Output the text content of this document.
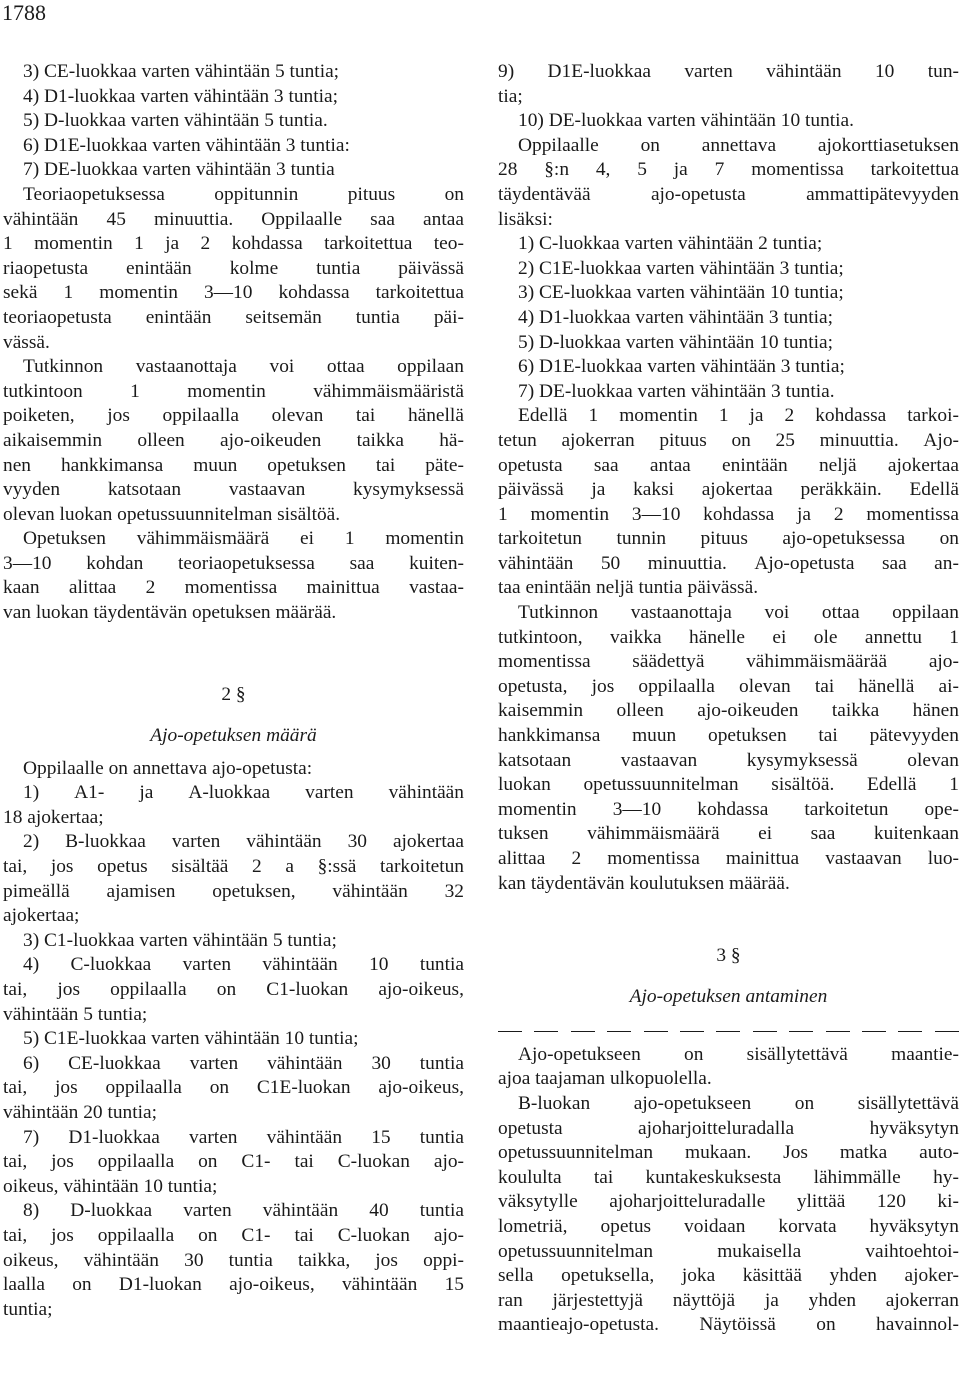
1788
3) CE-luokkaa varten vähintään 5 tuntia;
4) D1-luokkaa varten vähintään 3 tuntia;
5) D-luokkaa varten vähintään 5 tuntia.
6) D1E-luokkaa varten vähintään 3 tuntia:
7) DE-luokkaa varten vähintään 3 tuntia
Teoriaopetuksessa	oppitunnin	pituus	on
vähintään 45 minuuttia. Oppilaalle saa antaa
1 momentin 1 ja 2 kohdassa tarkoitettua teo-
riaopetusta enintään kolme tuntia päivässä
sekä 1 momentin 3—10 kohdassa tarkoitettua
teoriaopetusta enintään seitsemän tuntia päi-
vässä.
Tutkinnon vastaanottaja voi ottaa oppilaan
tutkintoon 1 momentin vähimmäismääristä
poiketen, jos oppilaalla olevan tai hänellä
aikaisemmin olleen ajo-oikeuden taikka hä-
nen hankkimansa muun opetuksen tai päte-
vyyden katsotaan vastaavan kysymyksessä
olevan luokan opetussuunnitelman sisältöä.
Opetuksen vähimmäismäärä ei 1 momentin
3—10 kohdan teoriaopetuksessa saa kuiten-
kaan alittaa 2 momentissa mainittua vastaa-
van luokan täydentävän opetuksen määrää.
2 §
Ajo-opetuksen määrä
Oppilaalle on annettava ajo-opetusta:
1) A1- ja A-luokkaa varten vähintään
18 ajokertaa;
2) B-luokkaa varten vähintään 30 ajokertaa
tai, jos opetus sisältää 2 a §:ssä tarkoitetun
pimeällä ajamisen opetuksen, vähintään 32
ajokertaa;
3) C1-luokkaa varten vähintään 5 tuntia;
4) C-luokkaa varten vähintään 10 tuntia
tai, jos oppilaalla on C1-luokan ajo-oikeus,
vähintään 5 tuntia;
5) C1E-luokkaa varten vähintään 10 tuntia;
6) CE-luokkaa varten vähintään 30 tuntia
tai, jos oppilaalla on C1E-luokan ajo-oikeus,
vähintään 20 tuntia;
7) D1-luokkaa varten vähintään 15 tuntia
tai, jos oppilaalla on C1- tai C-luokan ajo-
oikeus, vähintään 10 tuntia;
8) D-luokkaa varten vähintään 40 tuntia
tai, jos oppilaalla on C1- tai C-luokan ajo-
oikeus, vähintään 30 tuntia taikka, jos oppi-
laalla on D1-luokan ajo-oikeus, vähintään 15
tuntia;
9) D1E-luokkaa varten vähintään 10 tun-
tia;
10) DE-luokkaa varten vähintään 10 tuntia.
Oppilaalle on annettava ajokorttiasetuksen
28 §:n 4, 5 ja 7 momentissa tarkoitettua
täydentävää	ajo-opetusta	ammattipätevyyden
lisäksi:
1) C-luokkaa varten vähintään 2 tuntia;
2) C1E-luokkaa varten vähintään 3 tuntia;
3) CE-luokkaa varten vähintään 10 tuntia;
4) D1-luokkaa varten vähintään 3 tuntia;
5) D-luokkaa varten vähintään 10 tuntia;
6) D1E-luokkaa varten vähintään 3 tuntia;
7) DE-luokkaa varten vähintään 3 tuntia.
Edellä 1 momentin 1 ja 2 kohdassa tarkoi-
tetun ajokerran pituus on 25 minuuttia. Ajo-
opetusta saa antaa enintään neljä ajokertaa
päivässä ja kaksi ajokertaa peräkkäin. Edellä
1 momentin 3—10 kohdassa ja 2 momentissa
tarkoitetun tunnin pituus ajo-opetuksessa on
vähintään 50 minuuttia. Ajo-opetusta saa an-
taa enintään neljä tuntia päivässä.
Tutkinnon vastaanottaja voi ottaa oppilaan
tutkintoon, vaikka hänelle ei ole annettu 1
momentissa säädettyä vähimmäismäärää ajo-
opetusta, jos oppilaalla olevan tai hänellä ai-
kaisemmin olleen ajo-oikeuden taikka hänen
hankkimansa muun opetuksen tai pätevyyden
katsotaan	vastaavan	kysymyksessä	olevan
luokan opetussuunnitelman sisältöä. Edellä 1
momentin 3—10 kohdassa tarkoitetun ope-
tuksen vähimmäismäärä ei saa kuitenkaan
alittaa 2 momentissa mainittua vastaavan luo-
kan täydentävän koulutuksen määrää.
3 §
Ajo-opetuksen antaminen
Ajo-opetukseen on sisällytettävä maantie-
ajoa taajaman ulkopuolella.
B-luokan ajo-opetukseen on sisällytettävä
opetusta	ajoharjoitteluradalla	hyväksytyn
opetussuunnitelman mukaan. Jos matka auto-
koululta tai kuntakeskuksesta lähimmälle hy-
väksytylle ajoharjoitteluradalle ylittää 120 ki-
lometriä, opetus voidaan korvata hyväksytyn
opetussuunnitelman	mukaisella	vaihtoehtoi-
sella opetuksella, joka käsittää yhden ajoker-
ran järjestettyjä näyttöjä ja yhden ajokerran
maantieajo-opetusta. Näytöissä on havainnol-
